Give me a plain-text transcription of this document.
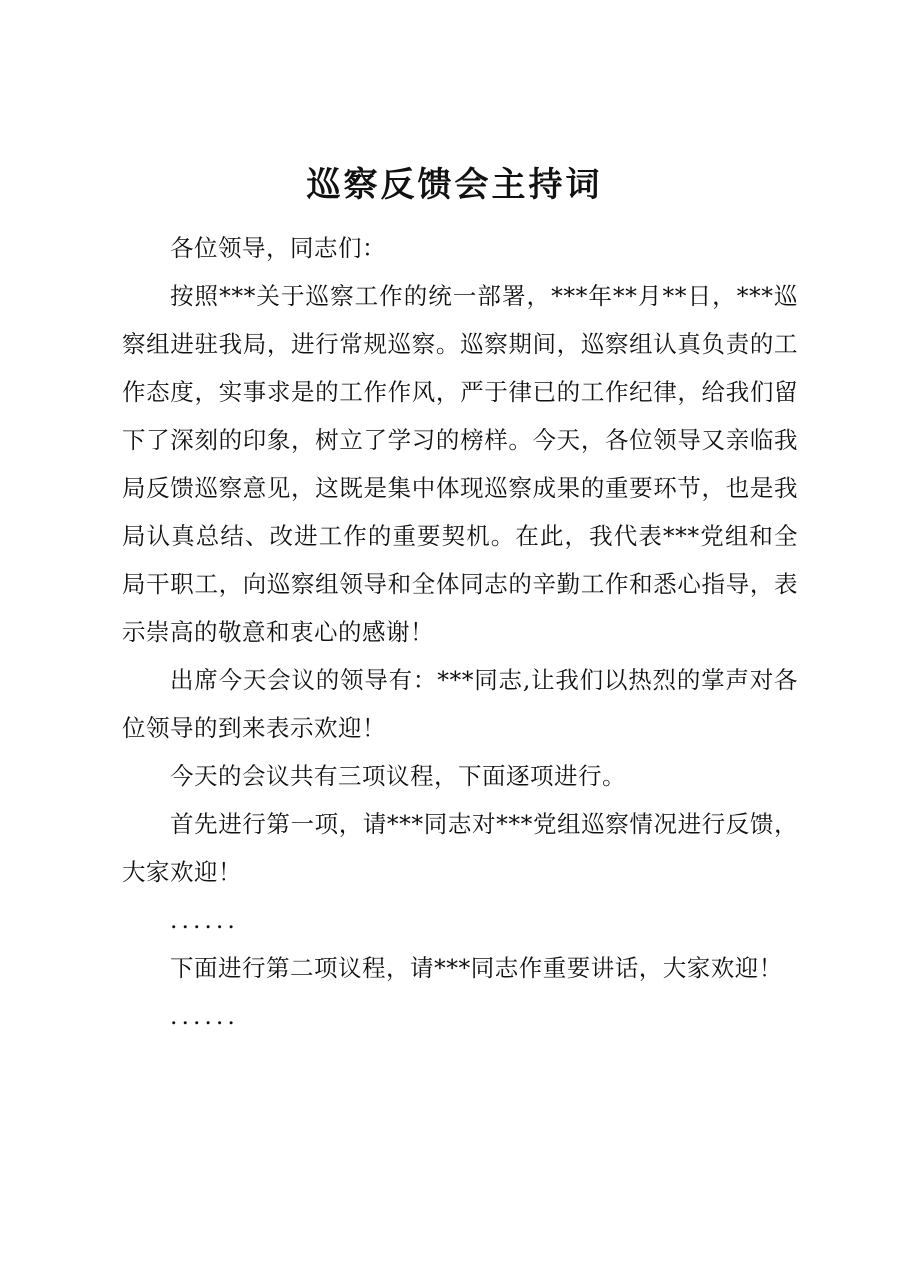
巡察反馈会主持词

各位领导，同志们：

按照***关于巡察工作的统一部署，***年**月**日，***巡察组进驻我局，进行常规巡察。巡察期间，巡察组认真负责的工作态度，实事求是的工作作风，严于律已的工作纪律，给我们留下了深刻的印象，树立了学习的榜样。今天，各位领导又亲临我局反馈巡察意见，这既是集中体现巡察成果的重要环节，也是我局认真总结、改进工作的重要契机。在此，我代表***党组和全局干职工，向巡察组领导和全体同志的辛勤工作和悉心指导，表示崇高的敬意和衷心的感谢！

出席今天会议的领导有：***同志,让我们以热烈的掌声对各位领导的到来表示欢迎！

今天的会议共有三项议程，下面逐项进行。

首先进行第一项，请***同志对***党组巡察情况进行反馈，大家欢迎！

......

下面进行第二项议程，请***同志作重要讲话，大家欢迎！

......
